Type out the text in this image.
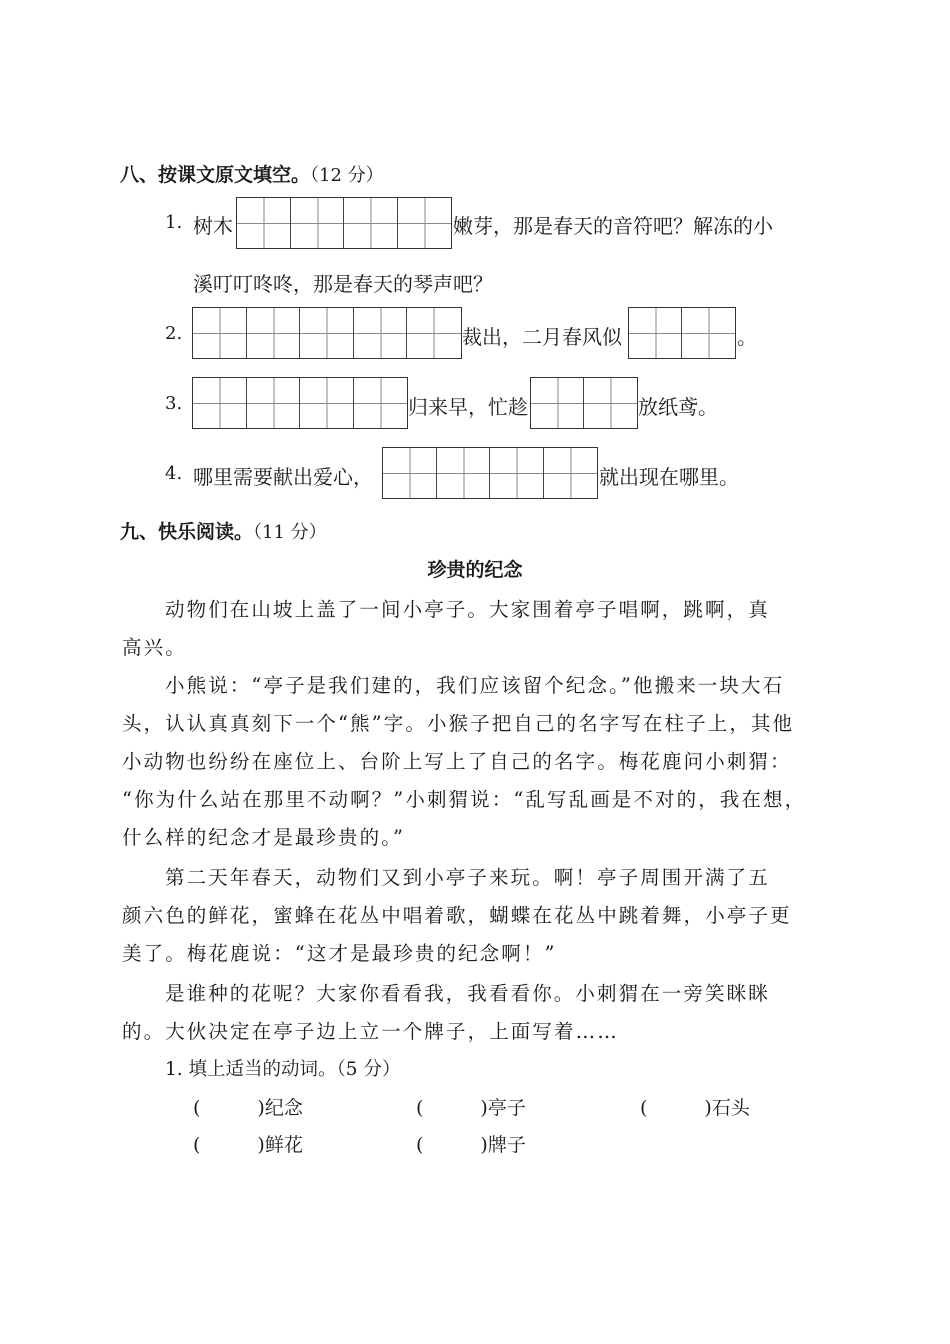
八、按课文原文填空。（12 分）
1. 树木	嫩芽，那是春天的音符吧？解冻的小
溪叮叮咚咚，那是春天的琴声吧？
2.	裁出，二月春风似	。
3.	归来早，忙趁	放纸鸢。
4. 哪里需要献出爱心，	就出现在哪里。
九、快乐阅读。（11 分）
珍贵的纪念
动物们在山坡上盖了一间小亭子。大家围着亭子唱啊，跳啊，真
高兴。
小熊说：“亭子是我们建的，我们应该留个纪念。”他搬来一块大石
头，认认真真刻下一个“熊”字。小猴子把自己的名字写在柱子上，其他
小动物也纷纷在座位上、台阶上写上了自己的名字。梅花鹿问小刺猬：
“你为什么站在那里不动啊？”小刺猬说：“乱写乱画是不对的，我在想，
什么样的纪念才是最珍贵的。”
第二天年春天，动物们又到小亭子来玩。啊！亭子周围开满了五
颜六色的鲜花，蜜蜂在花丛中唱着歌，蝴蝶在花丛中跳着舞，小亭子更
美了。梅花鹿说：“这才是最珍贵的纪念啊！”
是谁种的花呢？大家你看看我，我看看你。小刺猬在一旁笑眯眯
的。大伙决定在亭子边上立一个牌子，上面写着……
1. 填上适当的动词。（5 分）
(　　　)纪念	(　　　)亭子	(　　　)石头
(　　　)鲜花	(　　　)牌子
